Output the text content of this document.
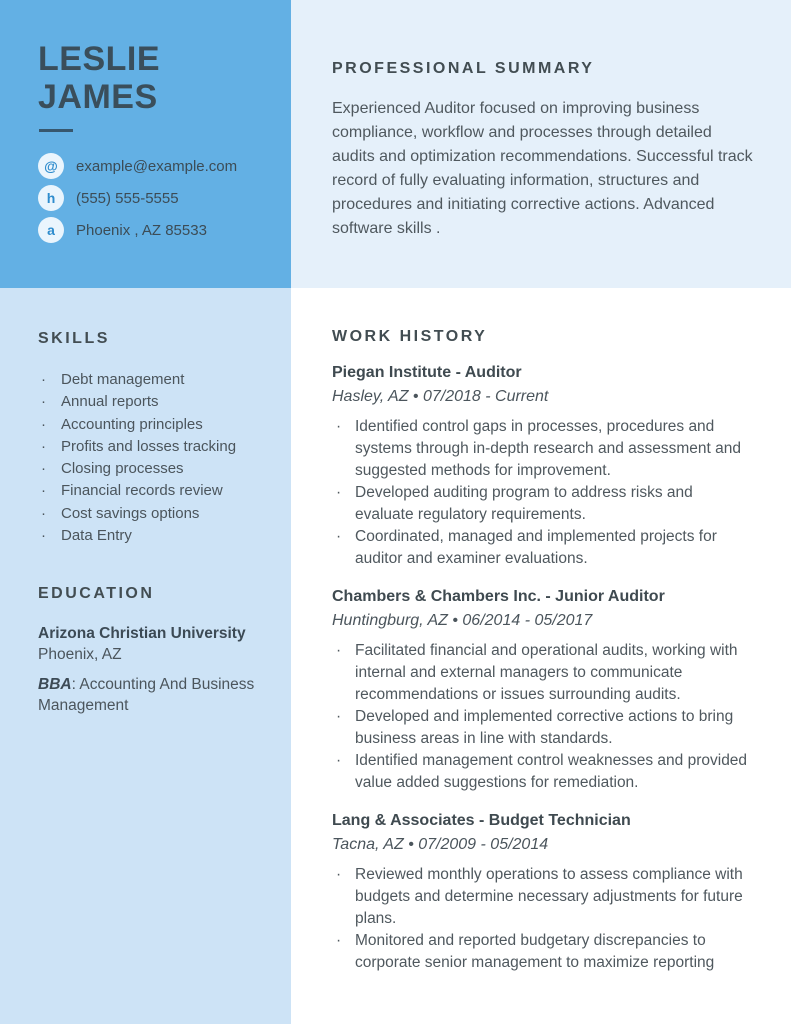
LESLIE
JAMES
@	example@example.com
h	(555) 555-5555
a	Phoenix , AZ 85533
SKILLS
·	Debt management
·	Annual reports
·	Accounting principles
·	Profits and losses tracking
·	Closing processes
·	Financial records review
·	Cost savings options
·	Data Entry
EDUCATION
Arizona Christian University
Phoenix, AZ
BBA: Accounting And Business Management
PROFESSIONAL SUMMARY
Experienced Auditor focused on improving business compliance, workflow and processes through detailed audits and optimization recommendations. Successful track record of fully evaluating information, structures and procedures and initiating corrective actions. Advanced software skills .
WORK HISTORY
Piegan Institute - Auditor
Hasley, AZ • 07/2018 - Current
· Identified control gaps in processes, procedures and systems through in-depth research and assessment and suggested methods for improvement.
· Developed auditing program to address risks and evaluate regulatory requirements.
· Coordinated, managed and implemented projects for auditor and examiner evaluations.
Chambers & Chambers Inc. - Junior Auditor
Huntingburg, AZ • 06/2014 - 05/2017
· Facilitated financial and operational audits, working with internal and external managers to communicate recommendations or issues surrounding audits.
· Developed and implemented corrective actions to bring business areas in line with standards.
· Identified management control weaknesses and provided value added suggestions for remediation.
Lang & Associates - Budget Technician
Tacna, AZ • 07/2009 - 05/2014
· Reviewed monthly operations to assess compliance with budgets and determine necessary adjustments for future plans.
· Monitored and reported budgetary discrepancies to corporate senior management to maximize reporting
